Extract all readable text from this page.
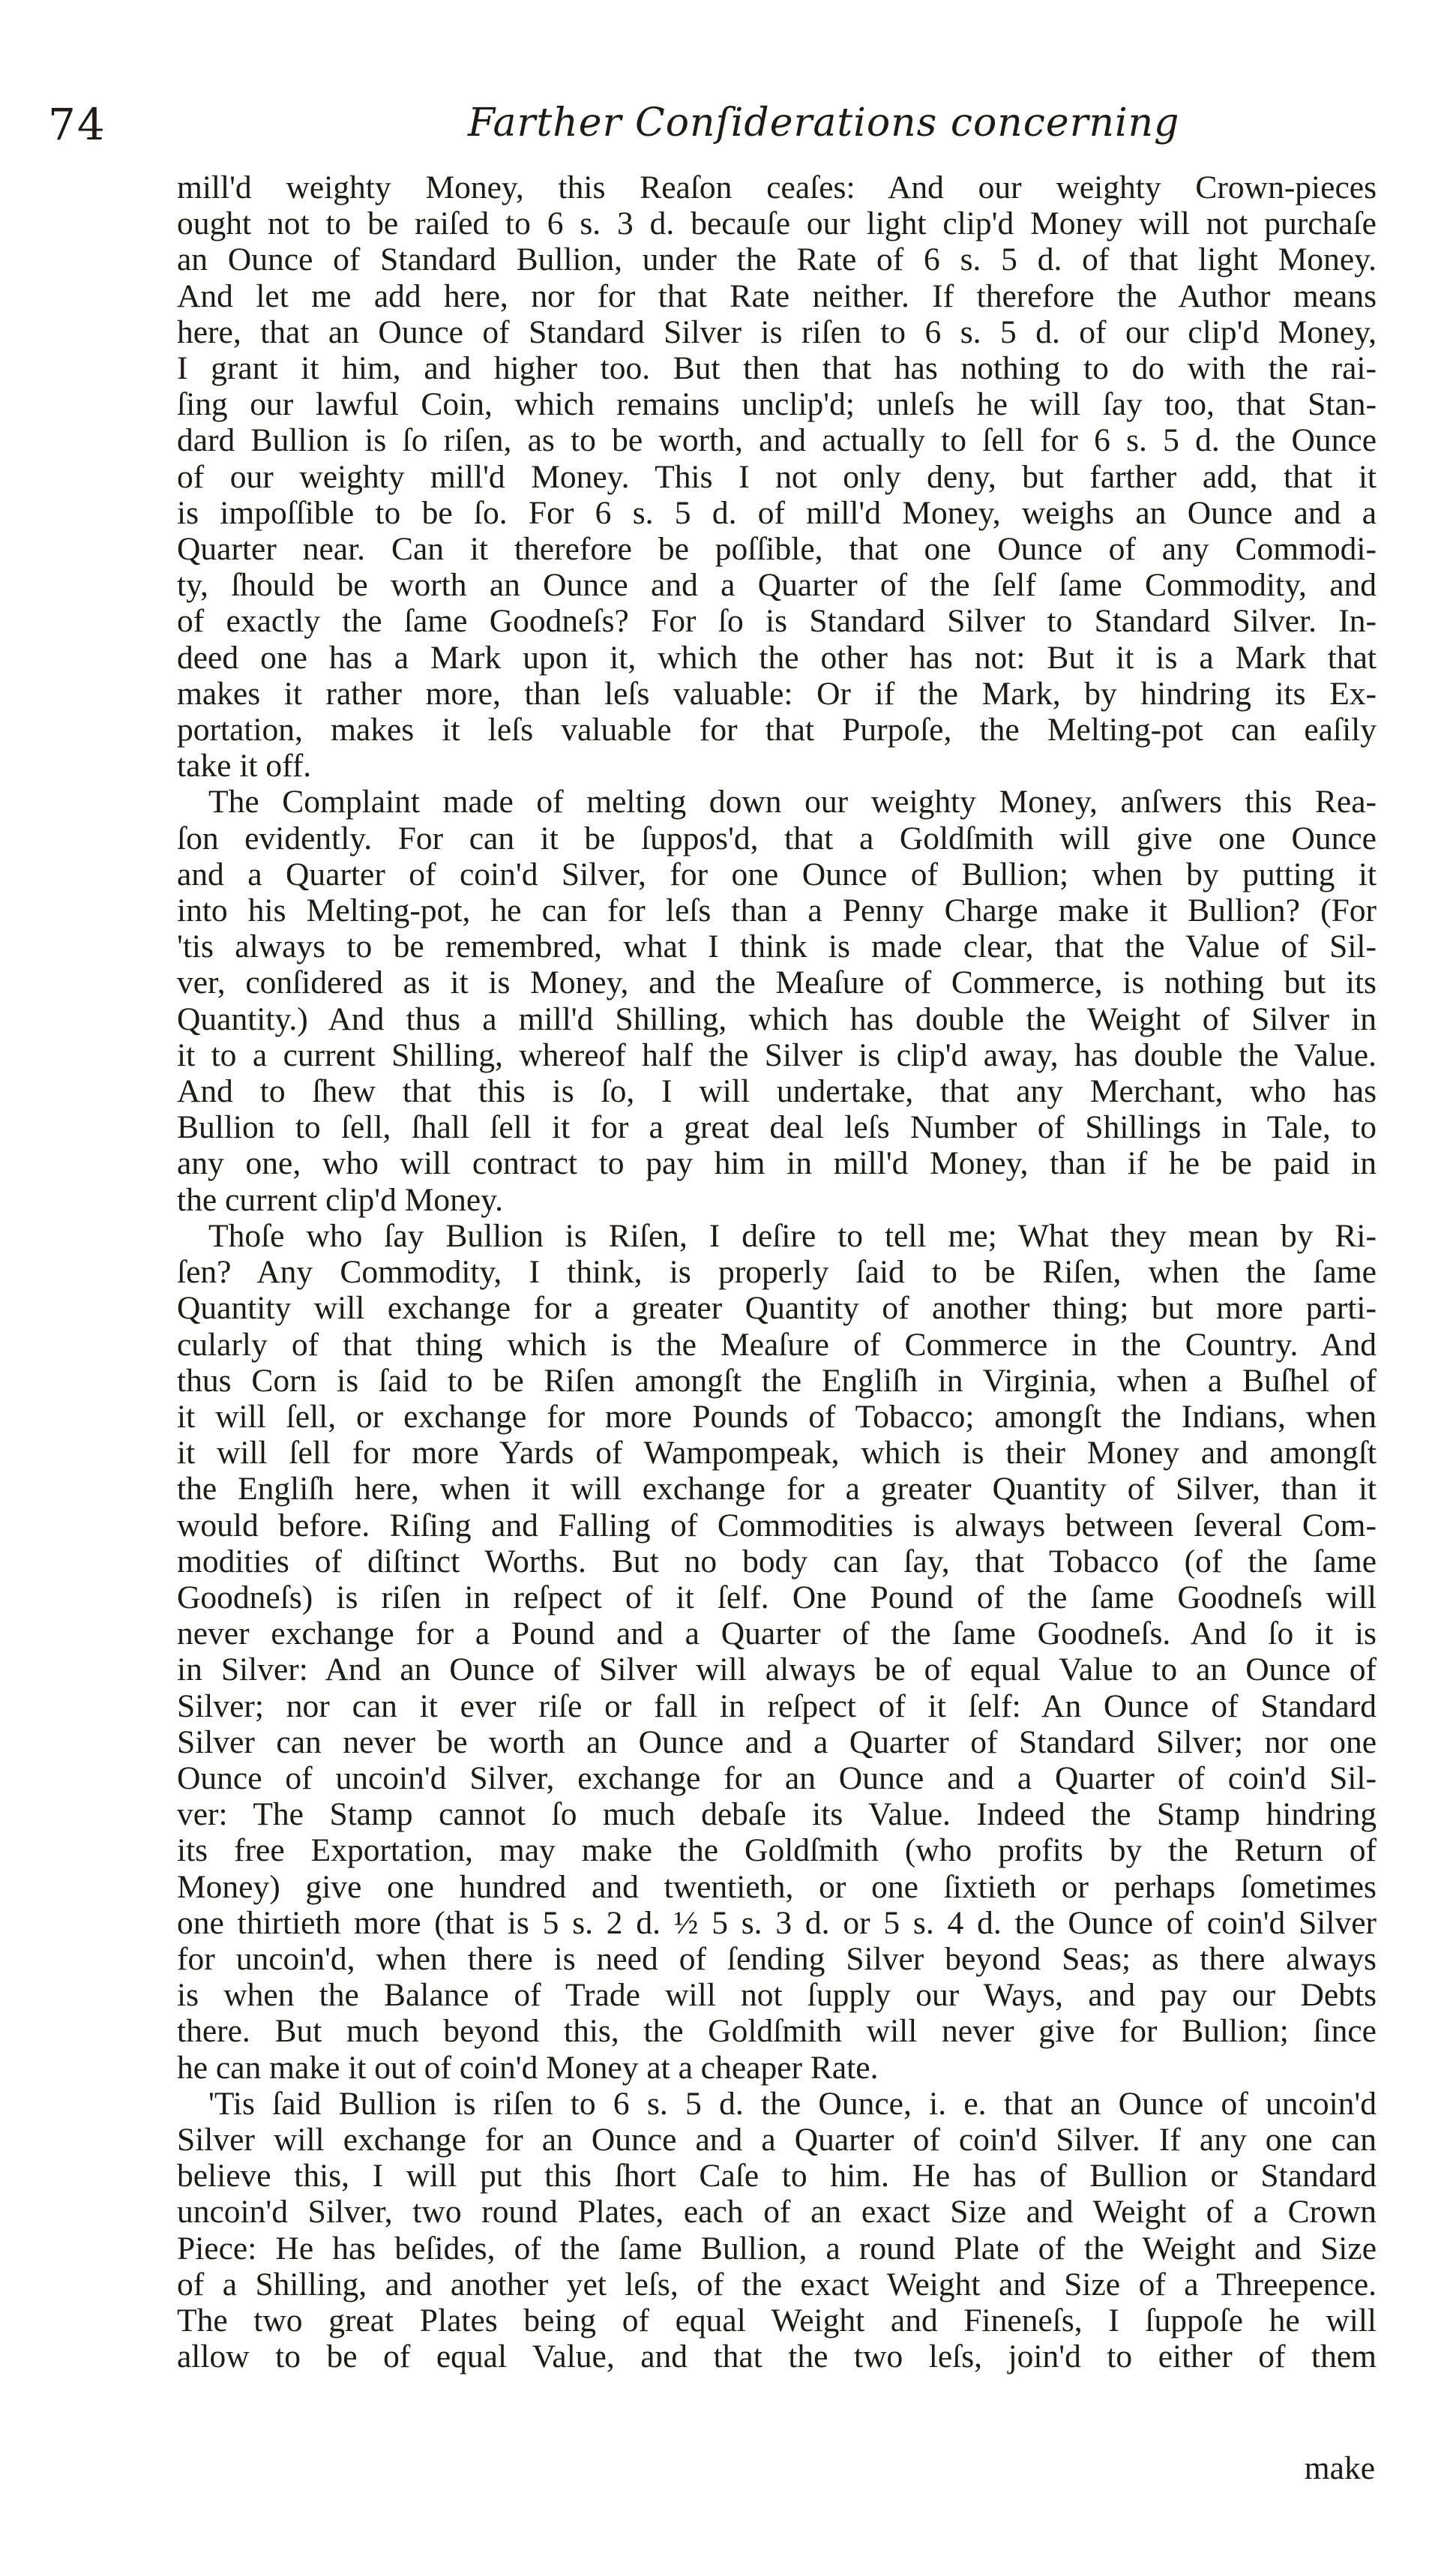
74	Farther Conſiderations concerning

mill'd weighty Money, this Reaſon ceaſes: And our weighty Crown-pieces
ought not to be raiſed to 6 s. 3 d. becauſe our light clip'd Money will not purchaſe
an Ounce of Standard Bullion, under the Rate of 6 s. 5 d. of that light Money.
And let me add here, nor for that Rate neither. If therefore the Author means
here, that an Ounce of Standard Silver is riſen to 6 s. 5 d. of our clip'd Money,
I grant it him, and higher too. But then that has nothing to do with the rai-
ſing our lawful Coin, which remains unclip'd; unleſs he will ſay too, that Stan-
dard Bullion is ſo riſen, as to be worth, and actually to ſell for 6 s. 5 d. the Ounce
of our weighty mill'd Money. This I not only deny, but farther add, that it
is impoſſible to be ſo. For 6 s. 5 d. of mill'd Money, weighs an Ounce and a
Quarter near. Can it therefore be poſſible, that one Ounce of any Commodi-
ty, ſhould be worth an Ounce and a Quarter of the ſelf ſame Commodity, and
of exactly the ſame Goodneſs? For ſo is Standard Silver to Standard Silver. In-
deed one has a Mark upon it, which the other has not: But it is a Mark that
makes it rather more, than leſs valuable: Or if the Mark, by hindring its Ex-
portation, makes it leſs valuable for that Purpoſe, the Melting-pot can eaſily
take it off.

The Complaint made of melting down our weighty Money, anſwers this Rea-
ſon evidently. For can it be ſuppos'd, that a Goldſmith will give one Ounce
and a Quarter of coin'd Silver, for one Ounce of Bullion; when by putting it
into his Melting-pot, he can for leſs than a Penny Charge make it Bullion? (For
'tis always to be remembred, what I think is made clear, that the Value of Sil-
ver, conſidered as it is Money, and the Meaſure of Commerce, is nothing but its
Quantity.) And thus a mill'd Shilling, which has double the Weight of Silver in
it to a current Shilling, whereof half the Silver is clip'd away, has double the Value.
And to ſhew that this is ſo, I will undertake, that any Merchant, who has
Bullion to ſell, ſhall ſell it for a great deal leſs Number of Shillings in Tale, to
any one, who will contract to pay him in mill'd Money, than if he be paid in
the current clip'd Money.

Thoſe who ſay Bullion is Riſen, I deſire to tell me; What they mean by Ri-
ſen? Any Commodity, I think, is properly ſaid to be Riſen, when the ſame
Quantity will exchange for a greater Quantity of another thing; but more parti-
cularly of that thing which is the Meaſure of Commerce in the Country. And
thus Corn is ſaid to be Riſen amongſt the Engliſh in Virginia, when a Buſhel of
it will ſell, or exchange for more Pounds of Tobacco; amongſt the Indians, when
it will ſell for more Yards of Wampompeak, which is their Money and amongſt
the Engliſh here, when it will exchange for a greater Quantity of Silver, than it
would before. Riſing and Falling of Commodities is always between ſeveral Com-
modities of diſtinct Worths. But no body can ſay, that Tobacco (of the ſame
Goodneſs) is riſen in reſpect of it ſelf. One Pound of the ſame Goodneſs will
never exchange for a Pound and a Quarter of the ſame Goodneſs. And ſo it is
in Silver: And an Ounce of Silver will always be of equal Value to an Ounce of
Silver; nor can it ever riſe or fall in reſpect of it ſelf: An Ounce of Standard
Silver can never be worth an Ounce and a Quarter of Standard Silver; nor one
Ounce of uncoin'd Silver, exchange for an Ounce and a Quarter of coin'd Sil-
ver: The Stamp cannot ſo much debaſe its Value. Indeed the Stamp hindring
its free Exportation, may make the Goldſmith (who profits by the Return of
Money) give one hundred and twentieth, or one ſixtieth or perhaps ſometimes
one thirtieth more (that is 5 s. 2 d. ½ 5 s. 3 d. or 5 s. 4 d. the Ounce of coin'd Silver
for uncoin'd, when there is need of ſending Silver beyond Seas; as there always
is when the Balance of Trade will not ſupply our Ways, and pay our Debts
there. But much beyond this, the Goldſmith will never give for Bullion; ſince
he can make it out of coin'd Money at a cheaper Rate.

'Tis ſaid Bullion is riſen to 6 s. 5 d. the Ounce, i. e. that an Ounce of uncoin'd
Silver will exchange for an Ounce and a Quarter of coin'd Silver. If any one can
believe this, I will put this ſhort Caſe to him. He has of Bullion or Standard
uncoin'd Silver, two round Plates, each of an exact Size and Weight of a Crown
Piece: He has beſides, of the ſame Bullion, a round Plate of the Weight and Size
of a Shilling, and another yet leſs, of the exact Weight and Size of a Threepence.
The two great Plates being of equal Weight and Fineneſs, I ſuppoſe he will
allow to be of equal Value, and that the two leſs, join'd to either of them

make
